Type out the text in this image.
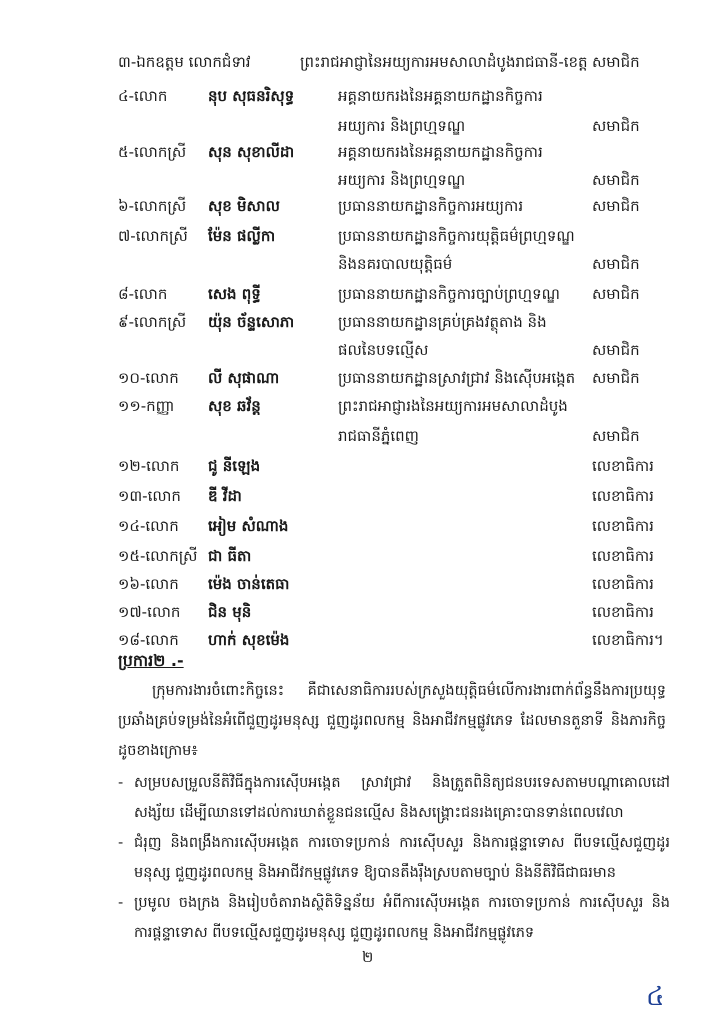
៣-ឯកឧត្តម លោកជំទាវ	ព្រះរាជអាជ្ញានៃអយ្យការអមសាលាដំបូងរាជធានី-ខេត្ត សមាជិក
៤-លោក	នុប សុធនរិសុទ្ធ	អគ្គនាយករងនៃអគ្គនាយកដ្ឋានកិច្ចការ
អយ្យការ និងព្រហ្មទណ្ឌ	សមាជិក
៥-លោកស្រី សុន សុខាលីដា	អគ្គនាយករងនៃអគ្គនាយកដ្ឋានកិច្ចការ
អយ្យការ និងព្រហ្មទណ្ឌ	សមាជិក
៦-លោកស្រី សុខ មិសាល	ប្រធាននាយកដ្ឋានកិច្ចការអយ្យការ	សមាជិក
៧-លោកស្រី ម៉ែន ផល្លីកា	ប្រធាននាយកដ្ឋានកិច្ចការយុត្តិធម៌ព្រហ្មទណ្ឌ
និងនគរបាលយុត្តិធម៌	សមាជិក
៨-លោក	សេង ពុទ្ធី	ប្រធាននាយកដ្ឋានកិច្ចការច្បាប់ព្រហ្មទណ្ឌ សមាជិក
៩-លោកស្រី យ៉ុន ច័ន្ទសោភា	ប្រធាននាយកដ្ឋានគ្រប់គ្រងវត្ថុតាង និង
ផលនៃបទល្មើស	សមាជិក
១០-លោក លី សុផាណា	ប្រធាននាយកដ្ឋានស្រាវជ្រាវ និងស៊ើបអង្កេត សមាជិក
១១-កញ្ញា សុខ ឆវ័ន្ត	ព្រះរាជអាជ្ញារងនៃអយ្យការអមសាលាដំបូង
រាជធានីភ្នំពេញ	សមាជិក
១២-លោក ជូ នីឡេង	លេខាធិការ
១៣-លោក ឌី វីដា	លេខាធិការ
១៤-លោក អៀម សំណាង	លេខាធិការ
១៥-លោកស្រី ជា ធីតា	លេខាធិការ
១៦-លោក ម៉េង ចាន់តេធា	លេខាធិការ
១៧-លោក ជិន មុនិ	លេខាធិការ
១៨-លោក ហាក់ សុខម៉េង	លេខាធិការ។
ប្រការ២ .-
ក្រុមការងារចំពោះកិច្ចនេះ គឺជាសេនាធិការរបស់ក្រសួងយុត្តិធម៌លើការងារពាក់ព័ន្ធនឹងការប្រយុទ្ធប្រឆាំងគ្រប់ទម្រង់នៃអំពើជួញដូរមនុស្ស ជួញដូរពលកម្ម និងអាជីវកម្មផ្លូវភេទ ដែលមានតួនាទី និងភារកិច្ចដូចខាងក្រោម៖
- សម្របសម្រួលនីតិវិធីក្នុងការស៊ើបអង្កេត ស្រាវជ្រាវ និងត្រួតពិនិត្យជនបរទេសតាមបណ្តាគោលដៅសង្ស័យ ដើម្បីឈានទៅដល់ការឃាត់ខ្លួនជនល្មើស និងសង្គ្រោះជនរងគ្រោះបានទាន់ពេលវេលា
- ជំរុញ និងពង្រឹងការស៊ើបអង្កេត ការចោទប្រកាន់ ការស៊ើបសួរ និងការផ្តន្ទាទោស ពីបទល្មើសជួញដូរមនុស្ស ជួញដូរពលកម្ម និងអាជីវកម្មផ្លូវភេទ ឱ្យបានតឹងរ៉ឹងស្របតាមច្បាប់ និងនីតិវិធីជាធរមាន
- ប្រមូល ចងក្រង និងរៀបចំតារាងស្ថិតិទិន្នន័យ អំពីការស៊ើបអង្កេត ការចោទប្រកាន់ ការស៊ើបសួរ និងការផ្តន្ទាទោស ពីបទល្មើសជួញដូរមនុស្ស ជួញដូរពលកម្ម និងអាជីវកម្មផ្លូវភេទ
២
៤
